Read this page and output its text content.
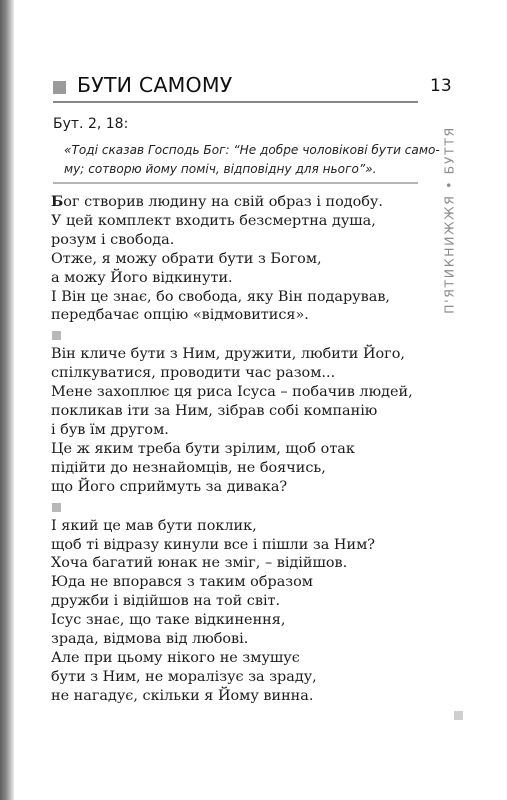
БУТИ САМОМУ	13
П'ЯТИКНИЖЖЯ • БУТТЯ
Бут. 2, 18:
«Тоді сказав Господь Бог: “Не добре чоловікові бути само-
му; сотворю йому поміч, відповідну для нього”».
Бог створив людину на свій образ і подобу.
У цей комплект входить безсмертна душа,
розум і свобода.
Отже, я можу обрати бути з Богом,
а можу Його відкинути.
І Він це знає, бо свобода, яку Він подарував,
передбачає опцію «відмовитися».
Він кличе бути з Ним, дружити, любити Його,
спілкуватися, проводити час разом...
Мене захоплює ця риса Ісуса – побачив людей,
покликав іти за Ним, зібрав собі компанію
і був їм другом.
Це ж яким треба бути зрілим, щоб отак
підійти до незнайомців, не боячись,
що Його сприймуть за дивака?
І який це мав бути поклик,
щоб ті відразу кинули все і пішли за Ним?
Хоча багатий юнак не зміг, – відійшов.
Юда не впорався з таким образом
дружби і відійшов на той світ.
Ісус знає, що таке відкинення,
зрада, відмова від любові.
Але при цьому нікого не змушує
бути з Ним, не моралізує за зраду,
не нагадує, скільки я Йому винна.
